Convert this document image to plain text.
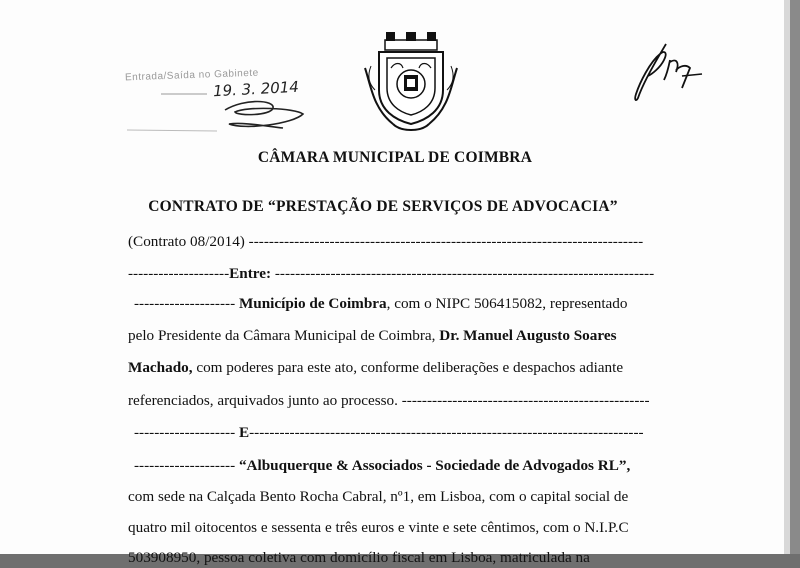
Entrada/Saída no Gabinete
19. 3. 2014
CÂMARA MUNICIPAL DE COIMBRA
CONTRATO DE “PRESTAÇÃO DE SERVIÇOS DE ADVOCACIA”
(Contrato 08/2014) ------------------------------------------------------------------------------
--------------------Entre: ---------------------------------------------------------------------------
-------------------- Município de Coimbra, com o NIPC 506415082, representado
pelo Presidente da Câmara Municipal de Coimbra, Dr. Manuel Augusto Soares
Machado, com poderes para este ato, conforme deliberações e despachos adiante
referenciados, arquivados junto ao processo. -------------------------------------------------
-------------------- E------------------------------------------------------------------------------
-------------------- “Albuquerque & Associados - Sociedade de Advogados RL”,
com sede na Calçada Bento Rocha Cabral, nº1, em Lisboa, com o capital social de
quatro mil oitocentos e sessenta e três euros e vinte e sete cêntimos, com o N.I.P.C
503908950, pessoa coletiva com domicílio fiscal em Lisboa, matriculada na
